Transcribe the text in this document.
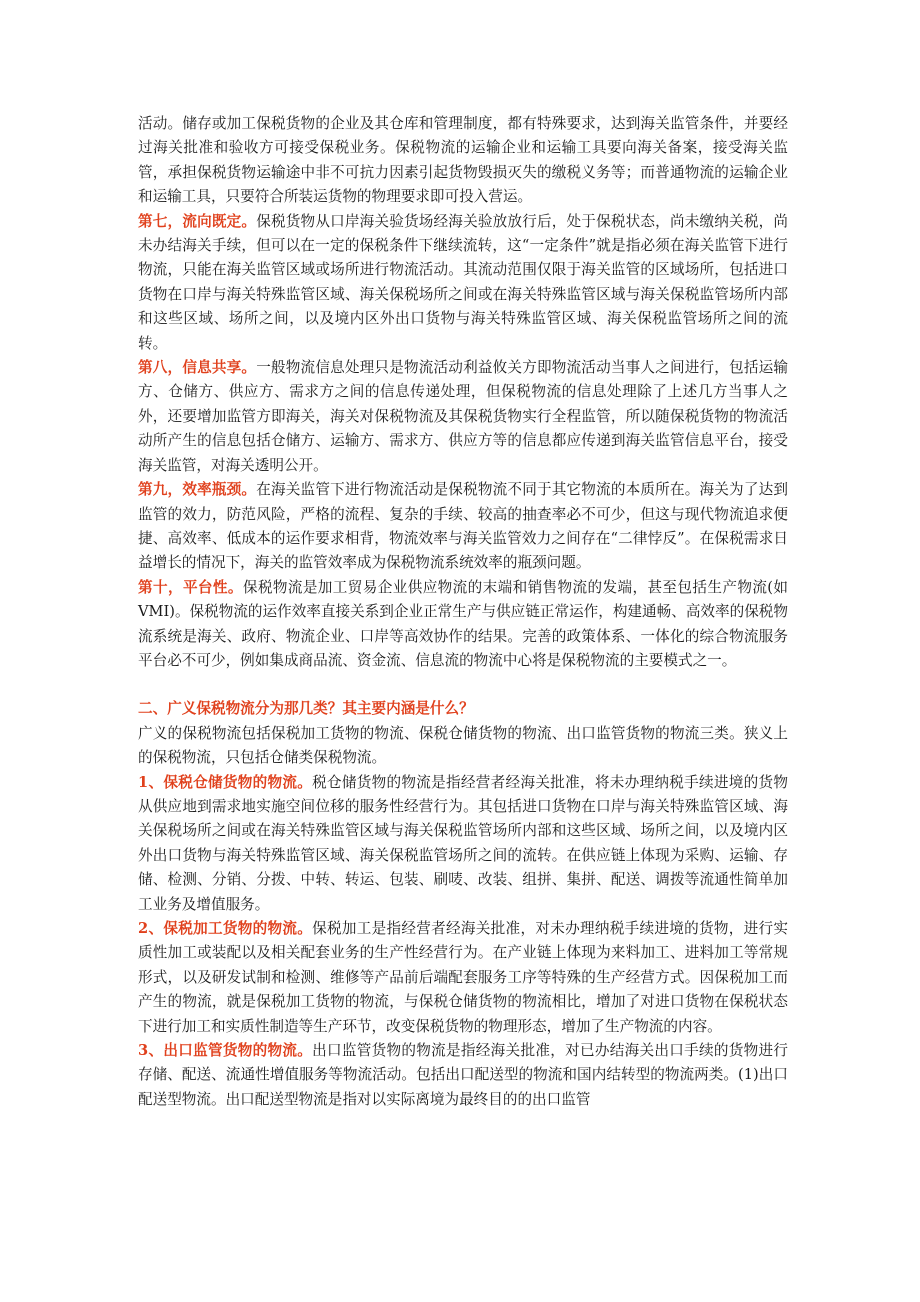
活动。储存或加工保税货物的企业及其仓库和管理制度，都有特殊要求，达到海关监管条件，并要经过海关批准和验收方可接受保税业务。保税物流的运输企业和运输工具要向海关备案，接受海关监管，承担保税货物运输途中非不可抗力因素引起货物毁损灭失的缴税义务等；而普通物流的运输企业和运输工具，只要符合所装运货物的物理要求即可投入营运。

第七，流向既定。保税货物从口岸海关验货场经海关验放放行后，处于保税状态，尚未缴纳关税，尚未办结海关手续，但可以在一定的保税条件下继续流转，这“一定条件”就是指必须在海关监管下进行物流，只能在海关监管区域或场所进行物流活动。其流动范围仅限于海关监管的区域场所，包括进口货物在口岸与海关特殊监管区域、海关保税场所之间或在海关特殊监管区域与海关保税监管场所内部和这些区域、场所之间，以及境内区外出口货物与海关特殊监管区域、海关保税监管场所之间的流转。

第八，信息共享。一般物流信息处理只是物流活动利益攸关方即物流活动当事人之间进行，包括运输方、仓储方、供应方、需求方之间的信息传递处理，但保税物流的信息处理除了上述几方当事人之外，还要增加监管方即海关，海关对保税物流及其保税货物实行全程监管，所以随保税货物的物流活动所产生的信息包括仓储方、运输方、需求方、供应方等的信息都应传递到海关监管信息平台，接受海关监管，对海关透明公开。

第九，效率瓶颈。在海关监管下进行物流活动是保税物流不同于其它物流的本质所在。海关为了达到监管的效力，防范风险，严格的流程、复杂的手续、较高的抽查率必不可少，但这与现代物流追求便捷、高效率、低成本的运作要求相背，物流效率与海关监管效力之间存在“二律悖反”。在保税需求日益增长的情况下，海关的监管效率成为保税物流系统效率的瓶颈问题。

第十，平台性。保税物流是加工贸易企业供应物流的末端和销售物流的发端，甚至包括生产物流(如VMI)。保税物流的运作效率直接关系到企业正常生产与供应链正常运作，构建通畅、高效率的保税物流系统是海关、政府、物流企业、口岸等高效协作的结果。完善的政策体系、一体化的综合物流服务平台必不可少，例如集成商品流、资金流、信息流的物流中心将是保税物流的主要模式之一。

二、广义保税物流分为那几类？其主要内涵是什么？

广义的保税物流包括保税加工货物的物流、保税仓储货物的物流、出口监管货物的物流三类。狭义上的保税物流，只包括仓储类保税物流。

1、保税仓储货物的物流。税仓储货物的物流是指经营者经海关批准，将未办理纳税手续进境的货物从供应地到需求地实施空间位移的服务性经营行为。其包括进口货物在口岸与海关特殊监管区域、海关保税场所之间或在海关特殊监管区域与海关保税监管场所内部和这些区域、场所之间，以及境内区外出口货物与海关特殊监管区域、海关保税监管场所之间的流转。在供应链上体现为采购、运输、存储、检测、分销、分拨、中转、转运、包装、刷唛、改装、组拼、集拼、配送、调拨等流通性简单加工业务及增值服务。

2、保税加工货物的物流。保税加工是指经营者经海关批准，对未办理纳税手续进境的货物，进行实质性加工或装配以及相关配套业务的生产性经营行为。在产业链上体现为来料加工、进料加工等常规形式，以及研发试制和检测、维修等产品前后端配套服务工序等特殊的生产经营方式。因保税加工而产生的物流，就是保税加工货物的物流，与保税仓储货物的物流相比，增加了对进口货物在保税状态下进行加工和实质性制造等生产环节，改变保税货物的物理形态，增加了生产物流的内容。

3、出口监管货物的物流。出口监管货物的物流是指经海关批准，对已办结海关出口手续的货物进行存储、配送、流通性增值服务等物流活动。包括出口配送型的物流和国内结转型的物流两类。(1)出口配送型物流。出口配送型物流是指对以实际离境为最终目的的出口监管
